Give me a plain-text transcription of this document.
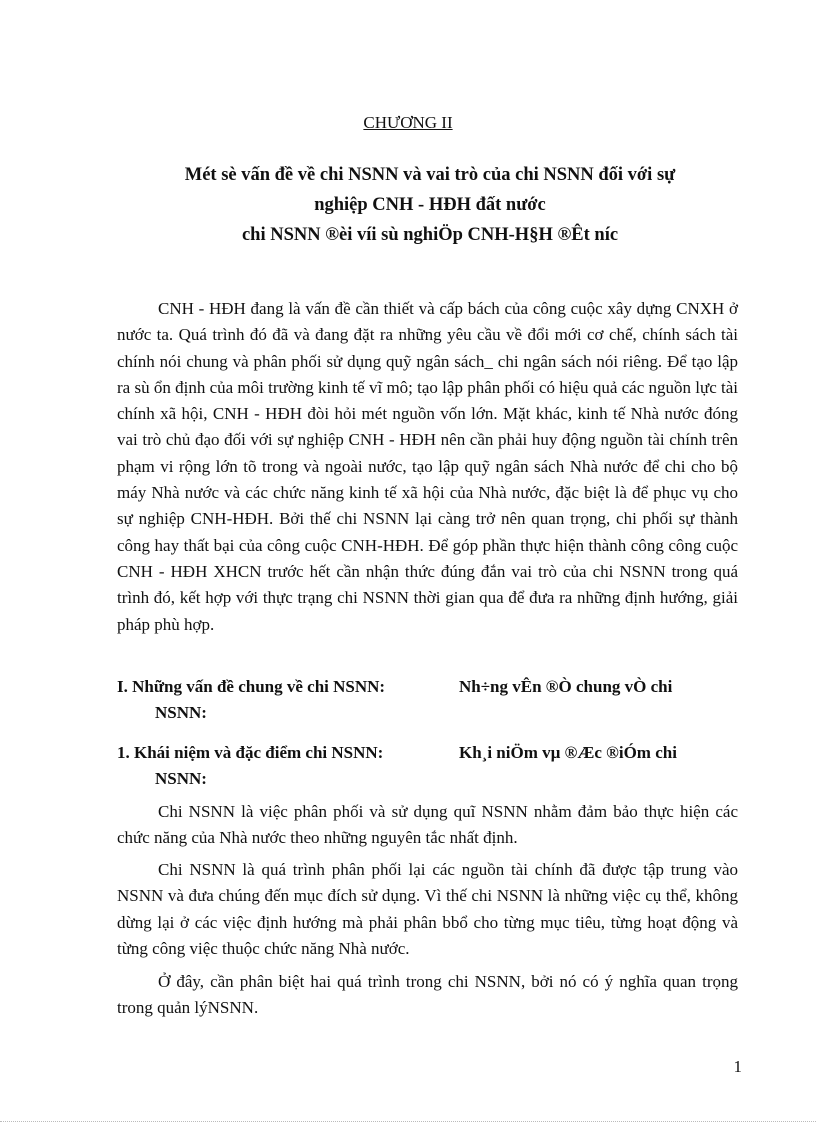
CHƯƠNG II
Mét sè vấn đề về chi NSNN và vai trò của chi NSNN đối với sự
nghiệp CNH - HĐH đất nước
chi NSNN ®èi víi sù nghiÖp CNH-H§H ®Êt níc

CNH - HĐH đang là vấn đề cần thiết và cấp bách của công cuộc xây dựng CNXH ở nước ta. Quá trình đó đã và đang đặt ra những yêu cầu về đổi mới cơ chế, chính sách tài chính nói chung và phân phối sử dụng quỹ ngân sách_ chi ngân sách nói riêng. Để tạo lập ra sù ổn định của môi trường kinh tế vĩ mô; tạo lập phân phối có hiệu quả các nguồn lực tài chính xã hội, CNH - HĐH đòi hỏi mét nguồn vốn lớn. Mặt khác, kinh tế Nhà nước đóng vai trò chủ đạo đối với sự nghiệp CNH - HĐH nên cần phải huy động nguồn tài chính trên phạm vi rộng lớn tõ trong và ngoài nước, tạo lập quỹ ngân sách Nhà nước để chi cho bộ máy Nhà nước và các chức năng kinh tế xã hội của Nhà nước, đặc biệt là để phục vụ cho sự nghiệp CNH-HĐH. Bởi thế chi NSNN lại càng trở nên quan trọng, chi phối sự thành công hay thất bại của công cuộc CNH-HĐH. Để góp phần thực hiện thành công công cuộc CNH - HĐH XHCN trước hết cần nhận thức đúng đắn vai trò của chi NSNN trong quá trình đó, kết hợp với thực trạng chi NSNN thời gian qua để đưa ra những định hướng, giải pháp phù hợp.

I. Những vấn đề chung về chi NSNN:	Nh÷ng vÊn ®Ò chung vÒ chi
NSNN:
1. Khái niệm và đặc điểm chi NSNN:	Kh¸i niÖm vµ ®Æc ®iÓm chi
NSNN:

Chi NSNN là việc phân phối và sử dụng quĩ NSNN nhằm đảm bảo thực hiện các chức năng của Nhà nước theo những nguyên tắc nhất định.

Chi NSNN là quá trình phân phối lại các nguồn tài chính đã được tập trung vào NSNN và đưa chúng đến mục đích sử dụng. Vì thế chi NSNN là những việc cụ thể, không dừng lại ở các việc định hướng mà phải phân bbổ cho từng mục tiêu, từng hoạt động và từng công việc thuộc chức năng Nhà nước.

Ở đây, cần phân biệt hai quá trình trong chi NSNN, bởi nó có ý nghĩa quan trọng trong quản lýNSNN.

1
